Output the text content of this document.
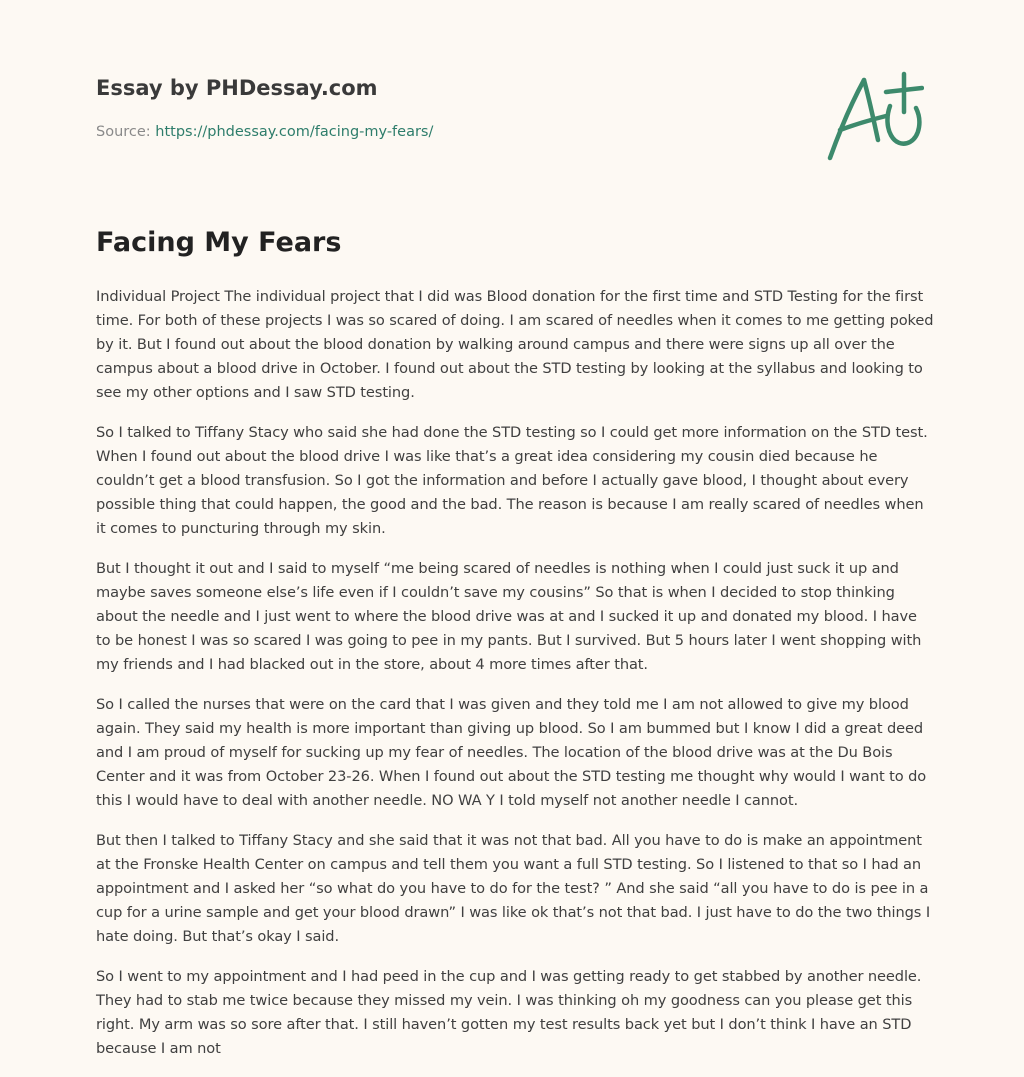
Essay by PHDessay.com
Source: https://phdessay.com/facing-my-fears/
Facing My Fears

Individual Project The individual project that I did was Blood donation for the first time and STD Testing for the first time. For both of these projects I was so scared of doing. I am scared of needles when it comes to me getting poked by it. But I found out about the blood donation by walking around campus and there were signs up all over the campus about a blood drive in October. I found out about the STD testing by looking at the syllabus and looking to see my other options and I saw STD testing.

So I talked to Tiffany Stacy who said she had done the STD testing so I could get more information on the STD test. When I found out about the blood drive I was like that’s a great idea considering my cousin died because he couldn’t get a blood transfusion. So I got the information and before I actually gave blood, I thought about every possible thing that could happen, the good and the bad. The reason is because I am really scared of needles when it comes to puncturing through my skin.

But I thought it out and I said to myself “me being scared of needles is nothing when I could just suck it up and maybe saves someone else’s life even if I couldn’t save my cousins” So that is when I decided to stop thinking about the needle and I just went to where the blood drive was at and I sucked it up and donated my blood. I have to be honest I was so scared I was going to pee in my pants. But I survived. But 5 hours later I went shopping with my friends and I had blacked out in the store, about 4 more times after that.

So I called the nurses that were on the card that I was given and they told me I am not allowed to give my blood again. They said my health is more important than giving up blood. So I am bummed but I know I did a great deed and I am proud of myself for sucking up my fear of needles. The location of the blood drive was at the Du Bois Center and it was from October 23-26. When I found out about the STD testing me thought why would I want to do this I would have to deal with another needle. NO WA Y I told myself not another needle I cannot.

But then I talked to Tiffany Stacy and she said that it was not that bad. All you have to do is make an appointment at the Fronske Health Center on campus and tell them you want a full STD testing. So I listened to that so I had an appointment and I asked her “so what do you have to do for the test? ” And she said “all you have to do is pee in a cup for a urine sample and get your blood drawn” I was like ok that’s not that bad. I just have to do the two things I hate doing. But that’s okay I said.

So I went to my appointment and I had peed in the cup and I was getting ready to get stabbed by another needle. They had to stab me twice because they missed my vein. I was thinking oh my goodness can you please get this right. My arm was so sore after that. I still haven’t gotten my test results back yet but I don’t think I have an STD because I am not
